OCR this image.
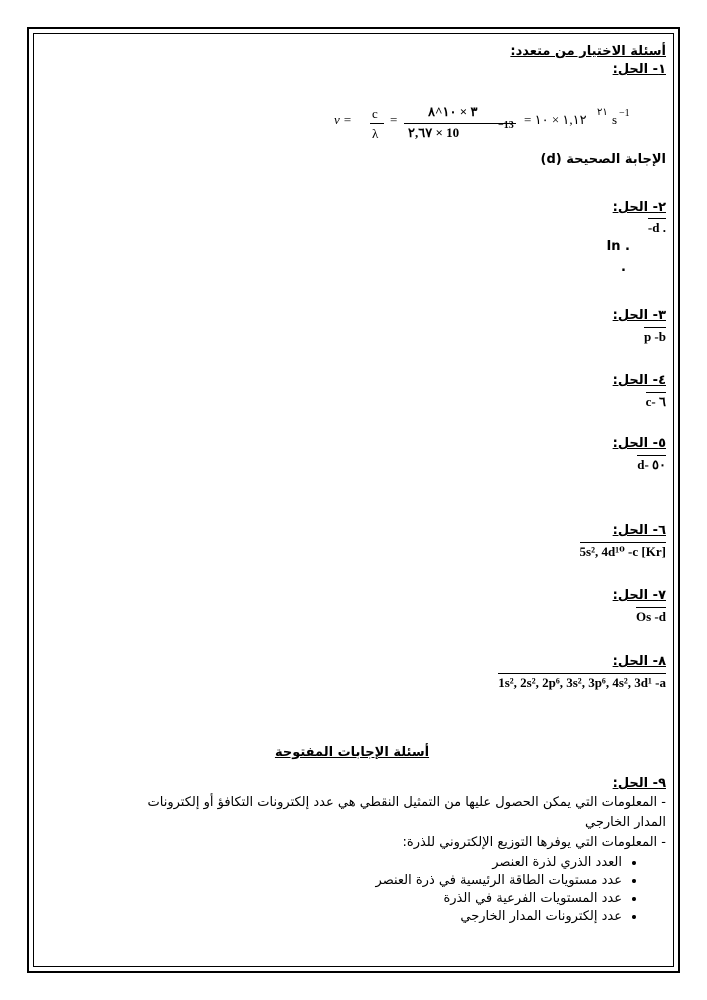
أسئلة الاختيار من متعدد:
١- الحل:
ν = c
λ
=
٣ × ١٠^٨
٢,٦٧ × 10	−13 = ١,١٢ × ١٠ ٢١ s −1
الإجابة الصحيحة (d)
٢- الحل:
. d-
. In
.
٣- الحل:
p -b
٤- الحل:
٦ -c
٥- الحل:
٥٠ -d
٦- الحل:
[Kr] 5s², 4d¹⁰ -c
٧- الحل:
Os -d
٨- الحل:
1s², 2s², 2p⁶, 3s², 3p⁶, 4s², 3d¹ -a
أسئلة الإجابات المفتوحة
٩- الحل:
- المعلومات التي يمكن الحصول عليها من التمثيل النقطي هي عدد إلكترونات التكافؤ أو إلكترونات
المدار الخارجي
- المعلومات التي يوفرها التوزيع الإلكتروني للذرة:
• العدد الذري لذرة العنصر
• عدد مستويات الطاقة الرئيسية في ذرة العنصر
• عدد المستويات الفرعية في الذرة
• عدد إلكترونات المدار الخارجي
